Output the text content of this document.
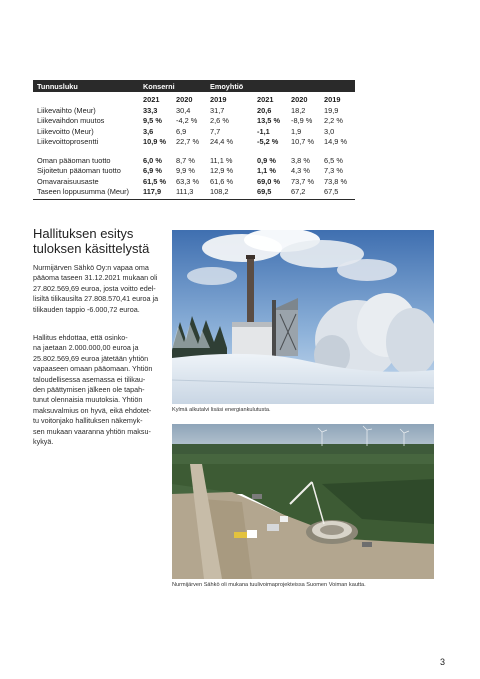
Tunnusluku	Konserni	Emoyhtiö
2021 2020 2019	2021 2020 2019
Liikevaihto (Meur)	33,3	30,4	31,7	20,6	18,2	19,9
Liikevaihdon muutos	9,5 % -4,2 % 2,6 %	13,5 % -8,9 % 2,2 %
Liikevoitto (Meur)	3,6	6,9	7,7	-1,1	1,9	3,0
Liikevoittoprosentti	10,9 % 22,7 % 24,4 %	-5,2 % 10,7 % 14,9 %
Oman pääoman tuotto	6,0 % 8,7 % 11,1 %	0,9 % 3,8 % 6,5 %
Sijoitetun pääoman tuotto	6,9 % 9,9 % 12,9 %	1,1 % 4,3 % 7,3 %
Omavaraisuusaste	61,5 % 63,3 % 61,6 %	69,0 % 73,7 % 73,8 %
Taseen loppusumma (Meur) 117,9 111,3 108,2	69,5	67,2	67,5
Hallituksen esitys
tuloksen käsittelystä
Nurmijärven Sähkö Oy:n vapaa oma
pääoma taseen 31.12.2021 mukaan oli
27.802.569,69 euroa, josta voitto edel-
lisiltä tilikausilta 27.808.570,41 euroa ja
tilikauden tappio -6.000,72 euroa.
Hallitus ehdottaa, että osinko-
na jaetaan 2.000.000,00 euroa ja
25.802.569,69 euroa jätetään yhtiön
vapaaseen omaan pääomaan. Yhtiön
taloudellisessa asemassa ei tilikau-
den päättymisen jälkeen ole tapah-
tunut olennaisia muutoksia. Yhtiön
maksuvalmius on hyvä, eikä ehdotet-
tu voitonjako hallituksen näkemyk-
sen mukaan vaaranna yhtiön maksu-
kykyä.
Kylmä alkutalvi lisäsi energiankulutusta.
Nurmijärven Sähkö oli mukana tuulivoimaprojekteissa Suomen Voiman kautta.
3
